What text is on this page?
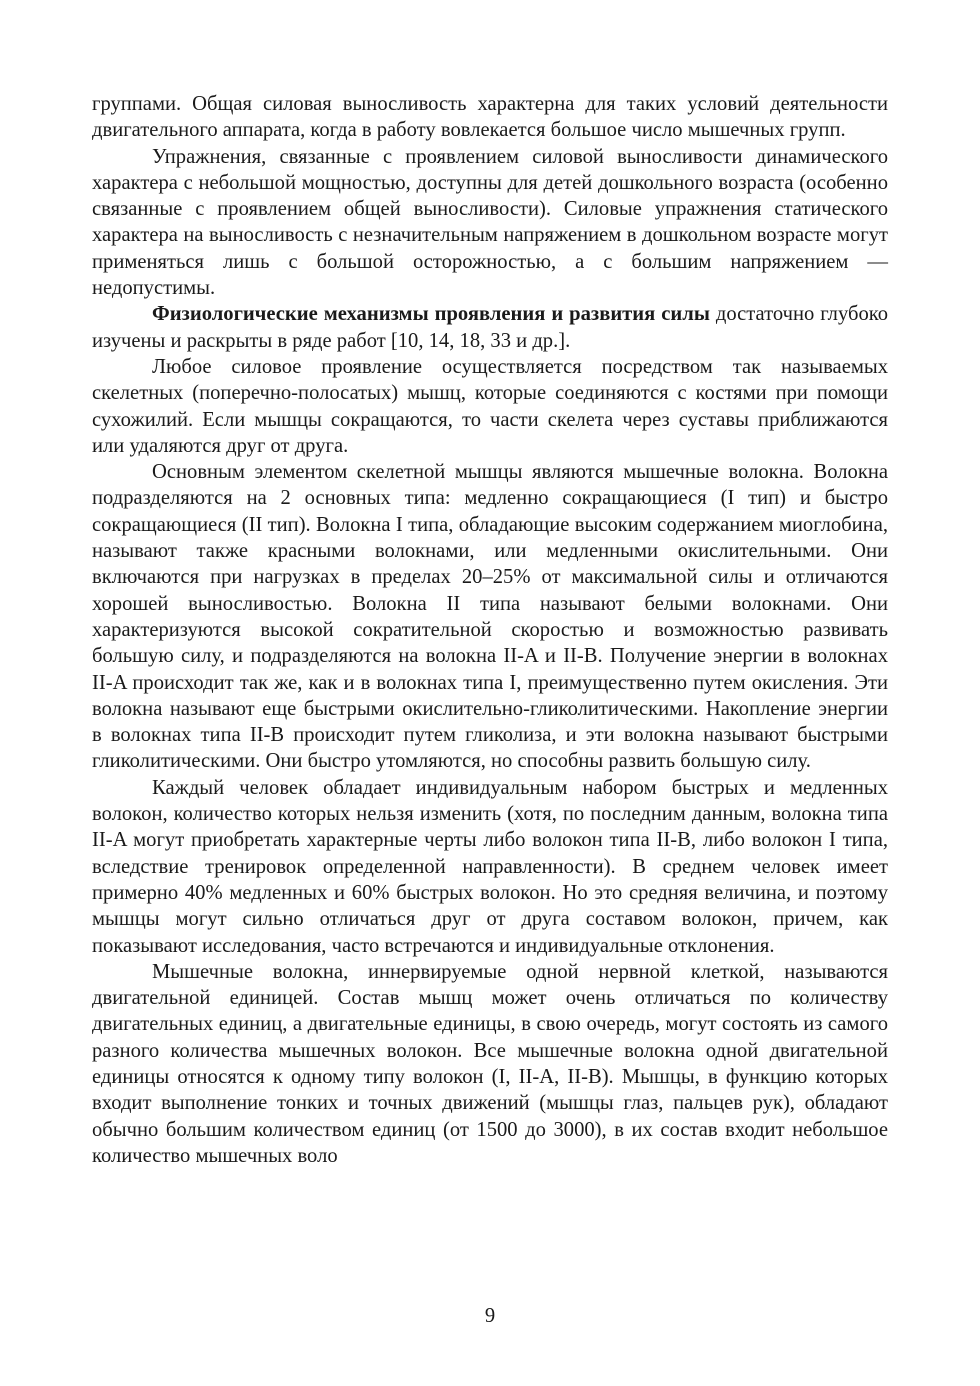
группами. Общая силовая выносливость характерна для таких условий деятельности двигательного аппарата, когда в работу вовлекается большое число мышечных групп.

Упражнения, связанные с проявлением силовой выносливости динамического характера с небольшой мощностью, доступны для детей дошкольного возраста (особенно связанные с проявлением общей выносливости). Силовые упражнения статического характера на выносливость с незначительным напряжением в дошкольном возрасте могут применяться лишь с большой осторожностью, а с большим напряжением — недопустимы.

Физиологические механизмы проявления и развития силы достаточно глубоко изучены и раскрыты в ряде работ [10, 14, 18, 33 и др.].

Любое силовое проявление осуществляется посредством так называемых скелетных (поперечно-полосатых) мышц, которые соединяются с костями при помощи сухожилий. Если мышцы сокращаются, то части скелета через суставы приближаются или удаляются друг от друга.

Основным элементом скелетной мышцы являются мышечные волокна. Волокна подразделяются на 2 основных типа: медленно сокращающиеся (I тип) и быстро сокращающиеся (II тип). Волокна I типа, обладающие высоким содержанием миоглобина, называют также красными волокнами, или медленными окислительными. Они включаются при нагрузках в пределах 20–25% от максимальной силы и отличаются хорошей выносливостью. Волокна II типа называют белыми волокнами. Они характеризуются высокой сократительной скоростью и возможностью развивать большую силу, и подразделяются на волокна II-A и II-B. Получение энергии в волокнах II-A происходит так же, как и в волокнах типа I, преимущественно путем окисления. Эти волокна называют еще быстрыми окислительно-гликолитическими. Накопление энергии в волокнах типа II-B происходит путем гликолиза, и эти волокна называют быстрыми гликолитическими. Они быстро утомляются, но способны развить большую силу.

Каждый человек обладает индивидуальным набором быстрых и медленных волокон, количество которых нельзя изменить (хотя, по последним данным, волокна типа II-A могут приобретать характерные черты либо волокон типа II-B, либо волокон I типа, вследствие тренировок определенной направленности). В среднем человек имеет примерно 40% медленных и 60% быстрых волокон. Но это средняя величина, и поэтому мышцы могут сильно отличаться друг от друга составом волокон, причем, как показывают исследования, часто встречаются и индивидуальные отклонения.

Мышечные волокна, иннервируемые одной нервной клеткой, называются двигательной единицей. Состав мышц может очень отличаться по количеству двигательных единиц, а двигательные единицы, в свою очередь, могут состоять из самого разного количества мышечных волокон. Все мышечные волокна одной двигательной единицы относятся к одному типу волокон (I, II-A, II-B). Мышцы, в функцию которых входит выполнение тонких и точных движений (мышцы глаз, пальцев рук), обладают обычно большим количеством единиц (от 1500 до 3000), в их состав входит небольшое количество мышечных воло

9
